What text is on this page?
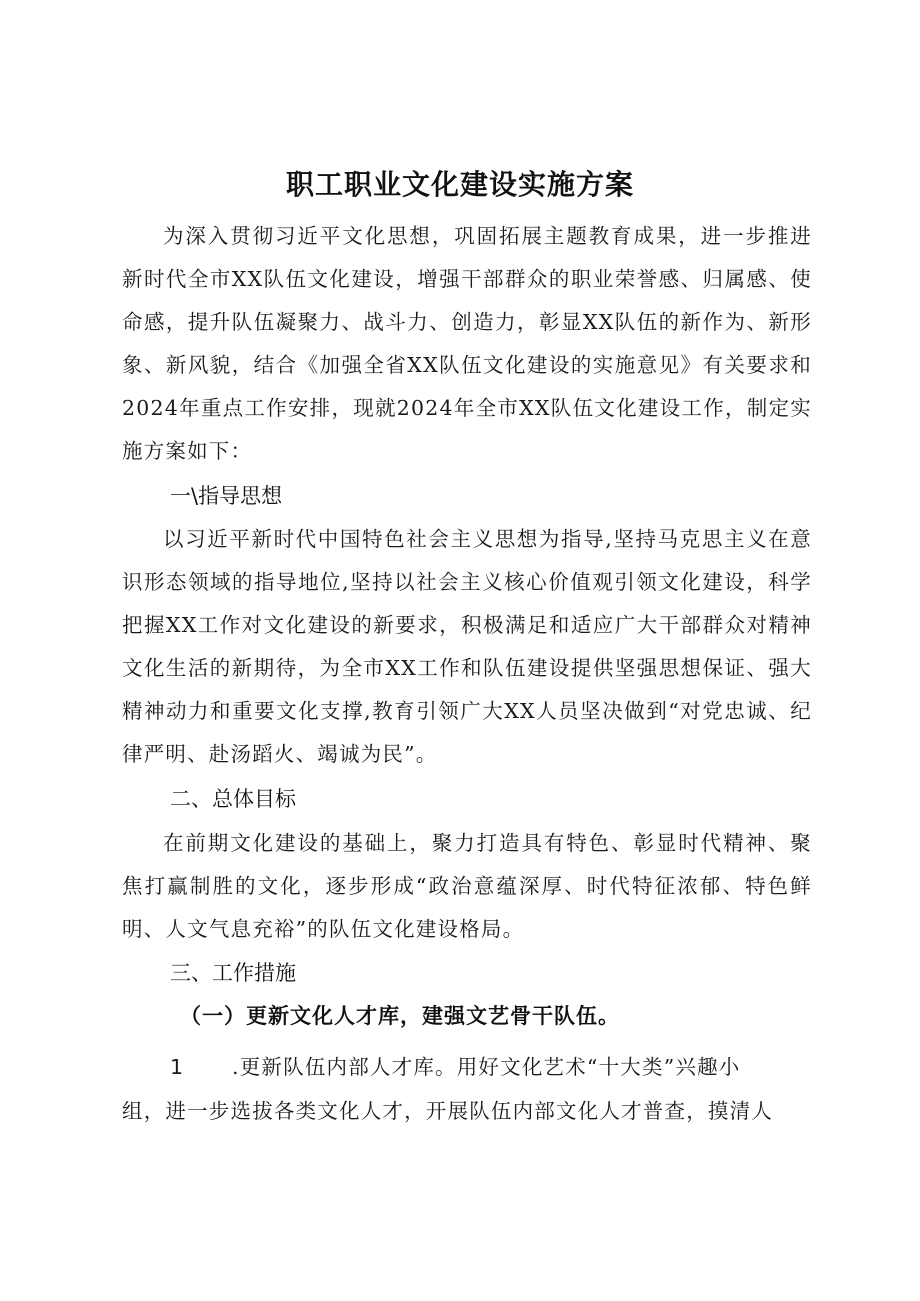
职工职业文化建设实施方案

为深入贯彻习近平文化思想，巩固拓展主题教育成果，进一步推进新时代全市XX队伍文化建设，增强干部群众的职业荣誉感、归属感、使命感，提升队伍凝聚力、战斗力、创造力，彰显XX队伍的新作为、新形象、新风貌，结合《加强全省XX队伍文化建设的实施意见》有关要求和2024年重点工作安排，现就2024年全市XX队伍文化建设工作，制定实施方案如下：

一\指导思想

以习近平新时代中国特色社会主义思想为指导,坚持马克思主义在意识形态领域的指导地位,坚持以社会主义核心价值观引领文化建设，科学把握XX工作对文化建设的新要求，积极满足和适应广大干部群众对精神文化生活的新期待，为全市XX工作和队伍建设提供坚强思想保证、强大精神动力和重要文化支撑,教育引领广大XX人员坚决做到“对党忠诚、纪律严明、赴汤蹈火、竭诚为民”。

二、总体目标

在前期文化建设的基础上，聚力打造具有特色、彰显时代精神、聚焦打赢制胜的文化，逐步形成“政治意蕴深厚、时代特征浓郁、特色鲜明、人文气息充裕”的队伍文化建设格局。

三、工作措施
（一）更新文化人才库，建强文艺骨干队伍。
1 .更新队伍内部人才库。用好文化艺术“十大类”兴趣小
组，进一步选拔各类文化人才，开展队伍内部文化人才普查，摸清人
